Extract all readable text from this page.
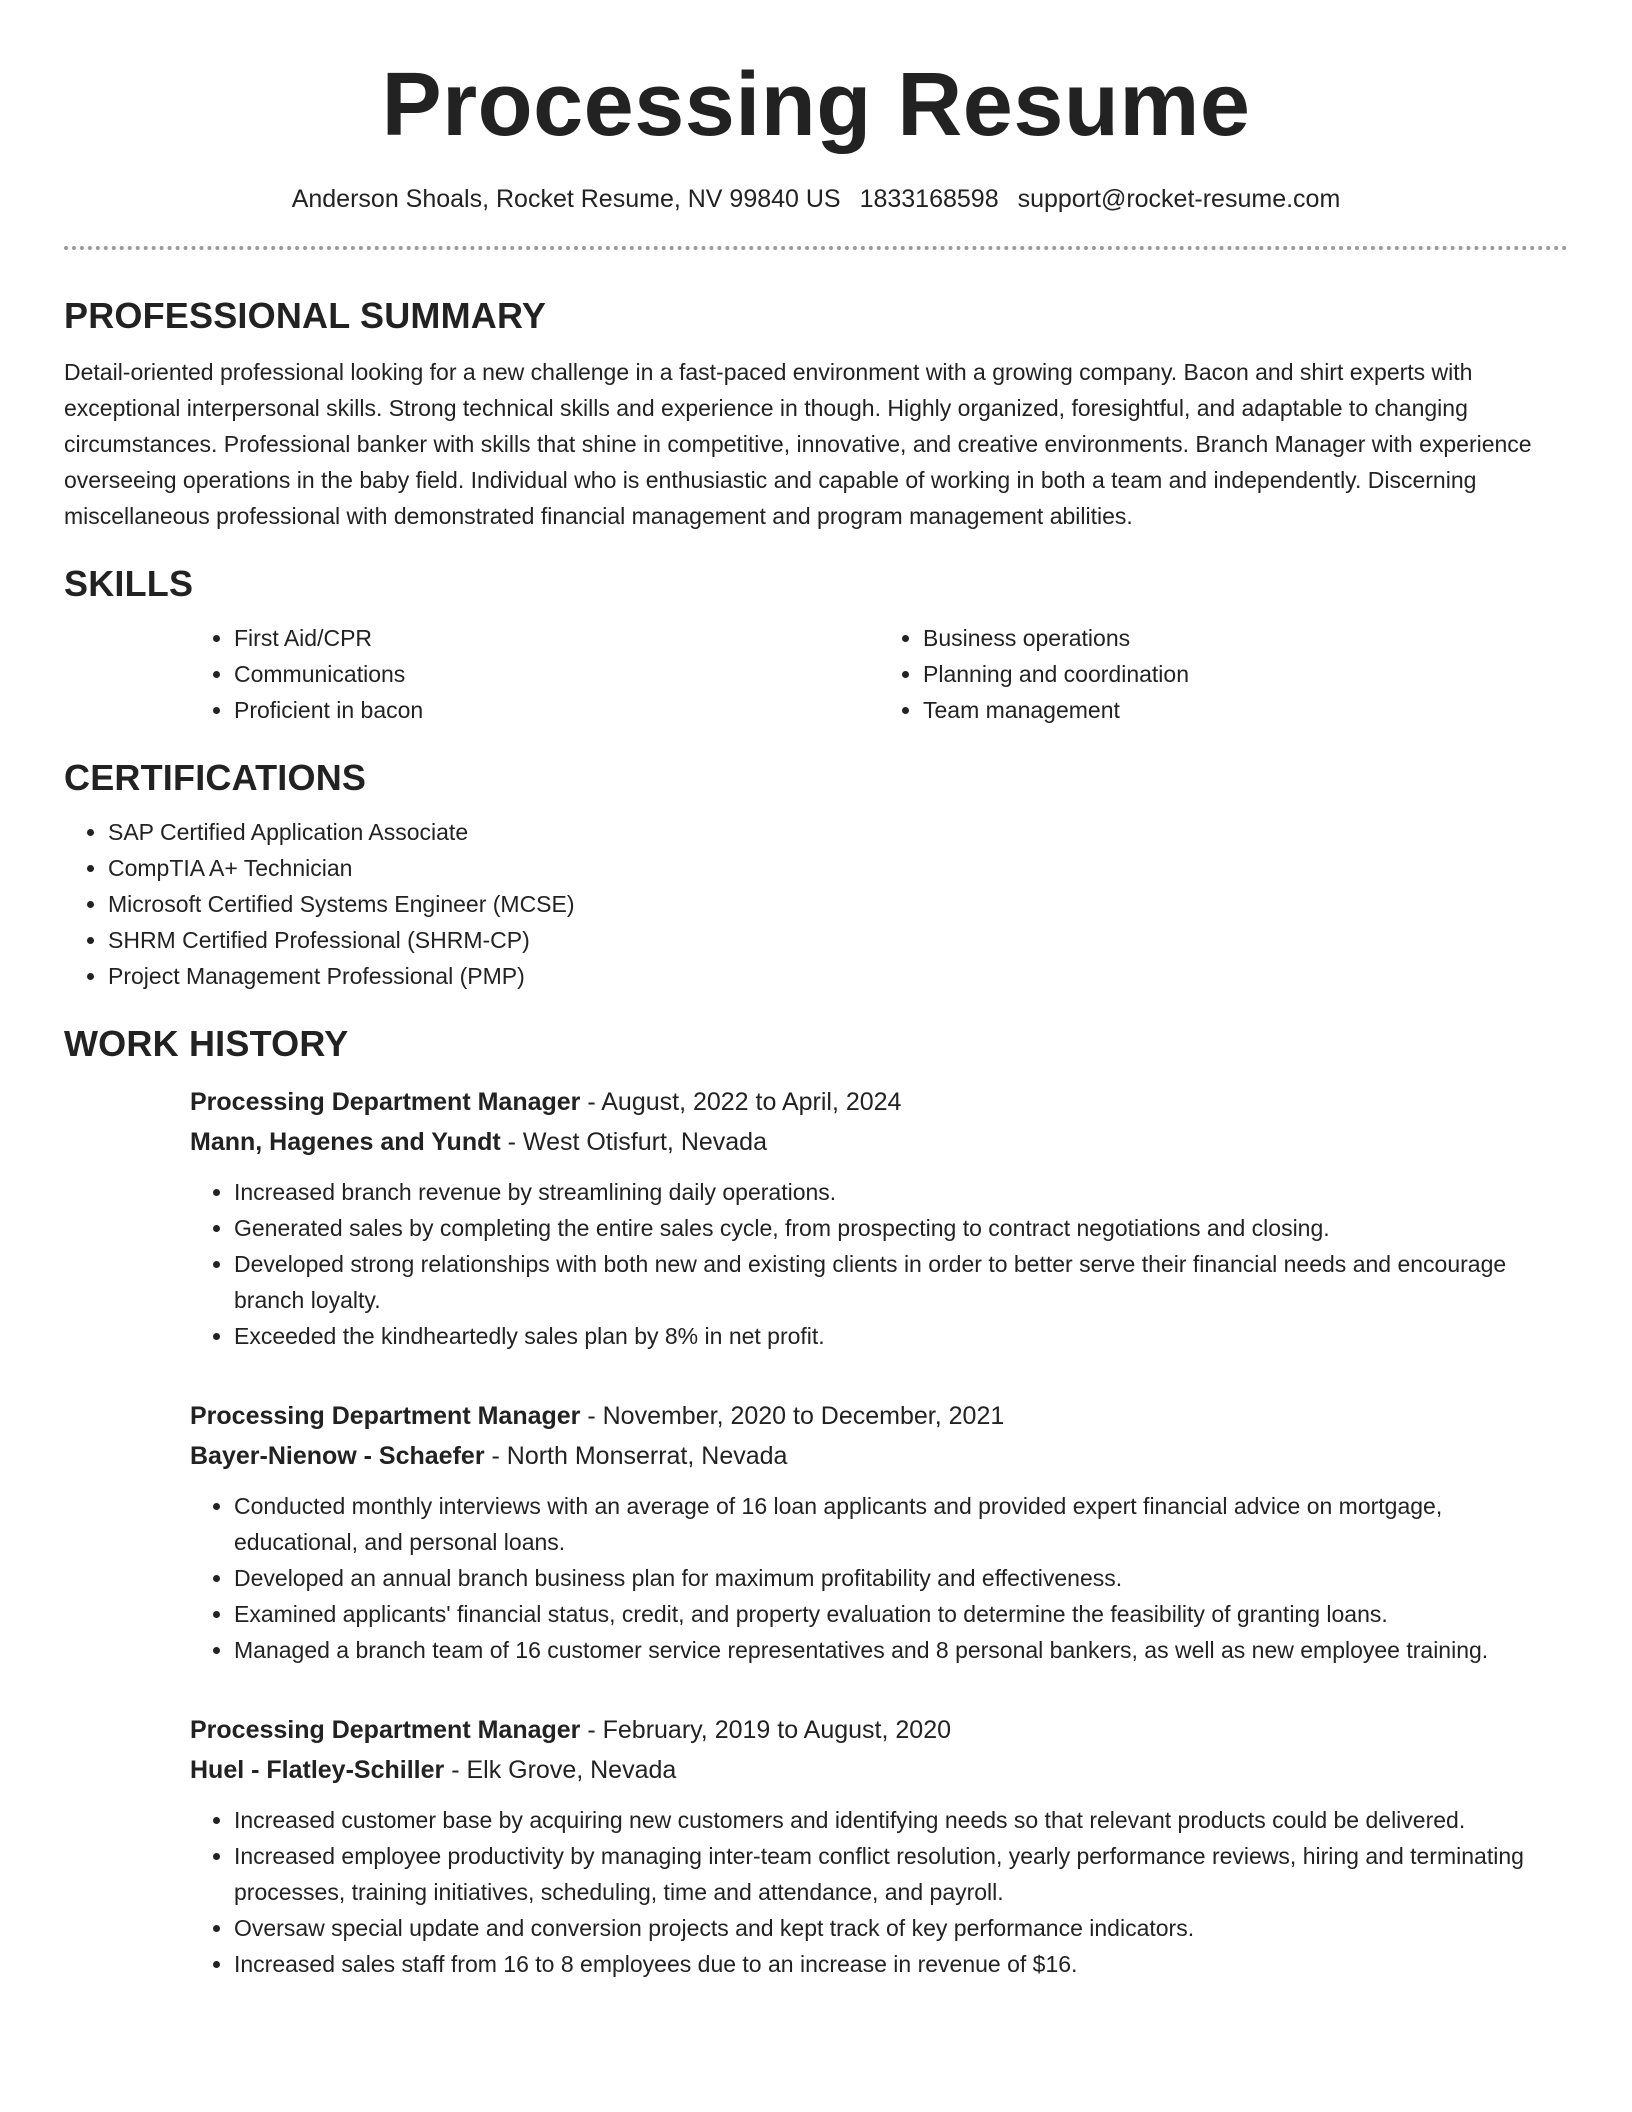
Processing Resume
Anderson Shoals, Rocket Resume, NV 99840 US 1833168598 support@rocket-resume.com
PROFESSIONAL SUMMARY

Detail-oriented professional looking for a new challenge in a fast-paced environment with a growing company. Bacon and shirt experts with exceptional interpersonal skills. Strong technical skills and experience in though. Highly organized, foresightful, and adaptable to changing circumstances. Professional banker with skills that shine in competitive, innovative, and creative environments. Branch Manager with experience overseeing operations in the baby field. Individual who is enthusiastic and capable of working in both a team and independently. Discerning miscellaneous professional with demonstrated financial management and program management abilities.

SKILLS
• First Aid/CPR
• Communications
• Proficient in bacon
• Business operations
• Planning and coordination
• Team management
CERTIFICATIONS
• SAP Certified Application Associate
• CompTIA A+ Technician
• Microsoft Certified Systems Engineer (MCSE)
• SHRM Certified Professional (SHRM-CP)
• Project Management Professional (PMP)
WORK HISTORY
Processing Department Manager - August, 2022 to April, 2024
Mann, Hagenes and Yundt - West Otisfurt, Nevada
• Increased branch revenue by streamlining daily operations.
• Generated sales by completing the entire sales cycle, from prospecting to contract negotiations and closing.
• Developed strong relationships with both new and existing clients in order to better serve their financial needs and encourage branch loyalty.
• Exceeded the kindheartedly sales plan by 8% in net profit.
Processing Department Manager - November, 2020 to December, 2021
Bayer-Nienow - Schaefer - North Monserrat, Nevada
• Conducted monthly interviews with an average of 16 loan applicants and provided expert financial advice on mortgage, educational, and personal loans.
• Developed an annual branch business plan for maximum profitability and effectiveness.
• Examined applicants' financial status, credit, and property evaluation to determine the feasibility of granting loans.
• Managed a branch team of 16 customer service representatives and 8 personal bankers, as well as new employee training.
Processing Department Manager - February, 2019 to August, 2020
Huel - Flatley-Schiller - Elk Grove, Nevada
• Increased customer base by acquiring new customers and identifying needs so that relevant products could be delivered.
• Increased employee productivity by managing inter-team conflict resolution, yearly performance reviews, hiring and terminating processes, training initiatives, scheduling, time and attendance, and payroll.
• Oversaw special update and conversion projects and kept track of key performance indicators.
• Increased sales staff from 16 to 8 employees due to an increase in revenue of $16.
